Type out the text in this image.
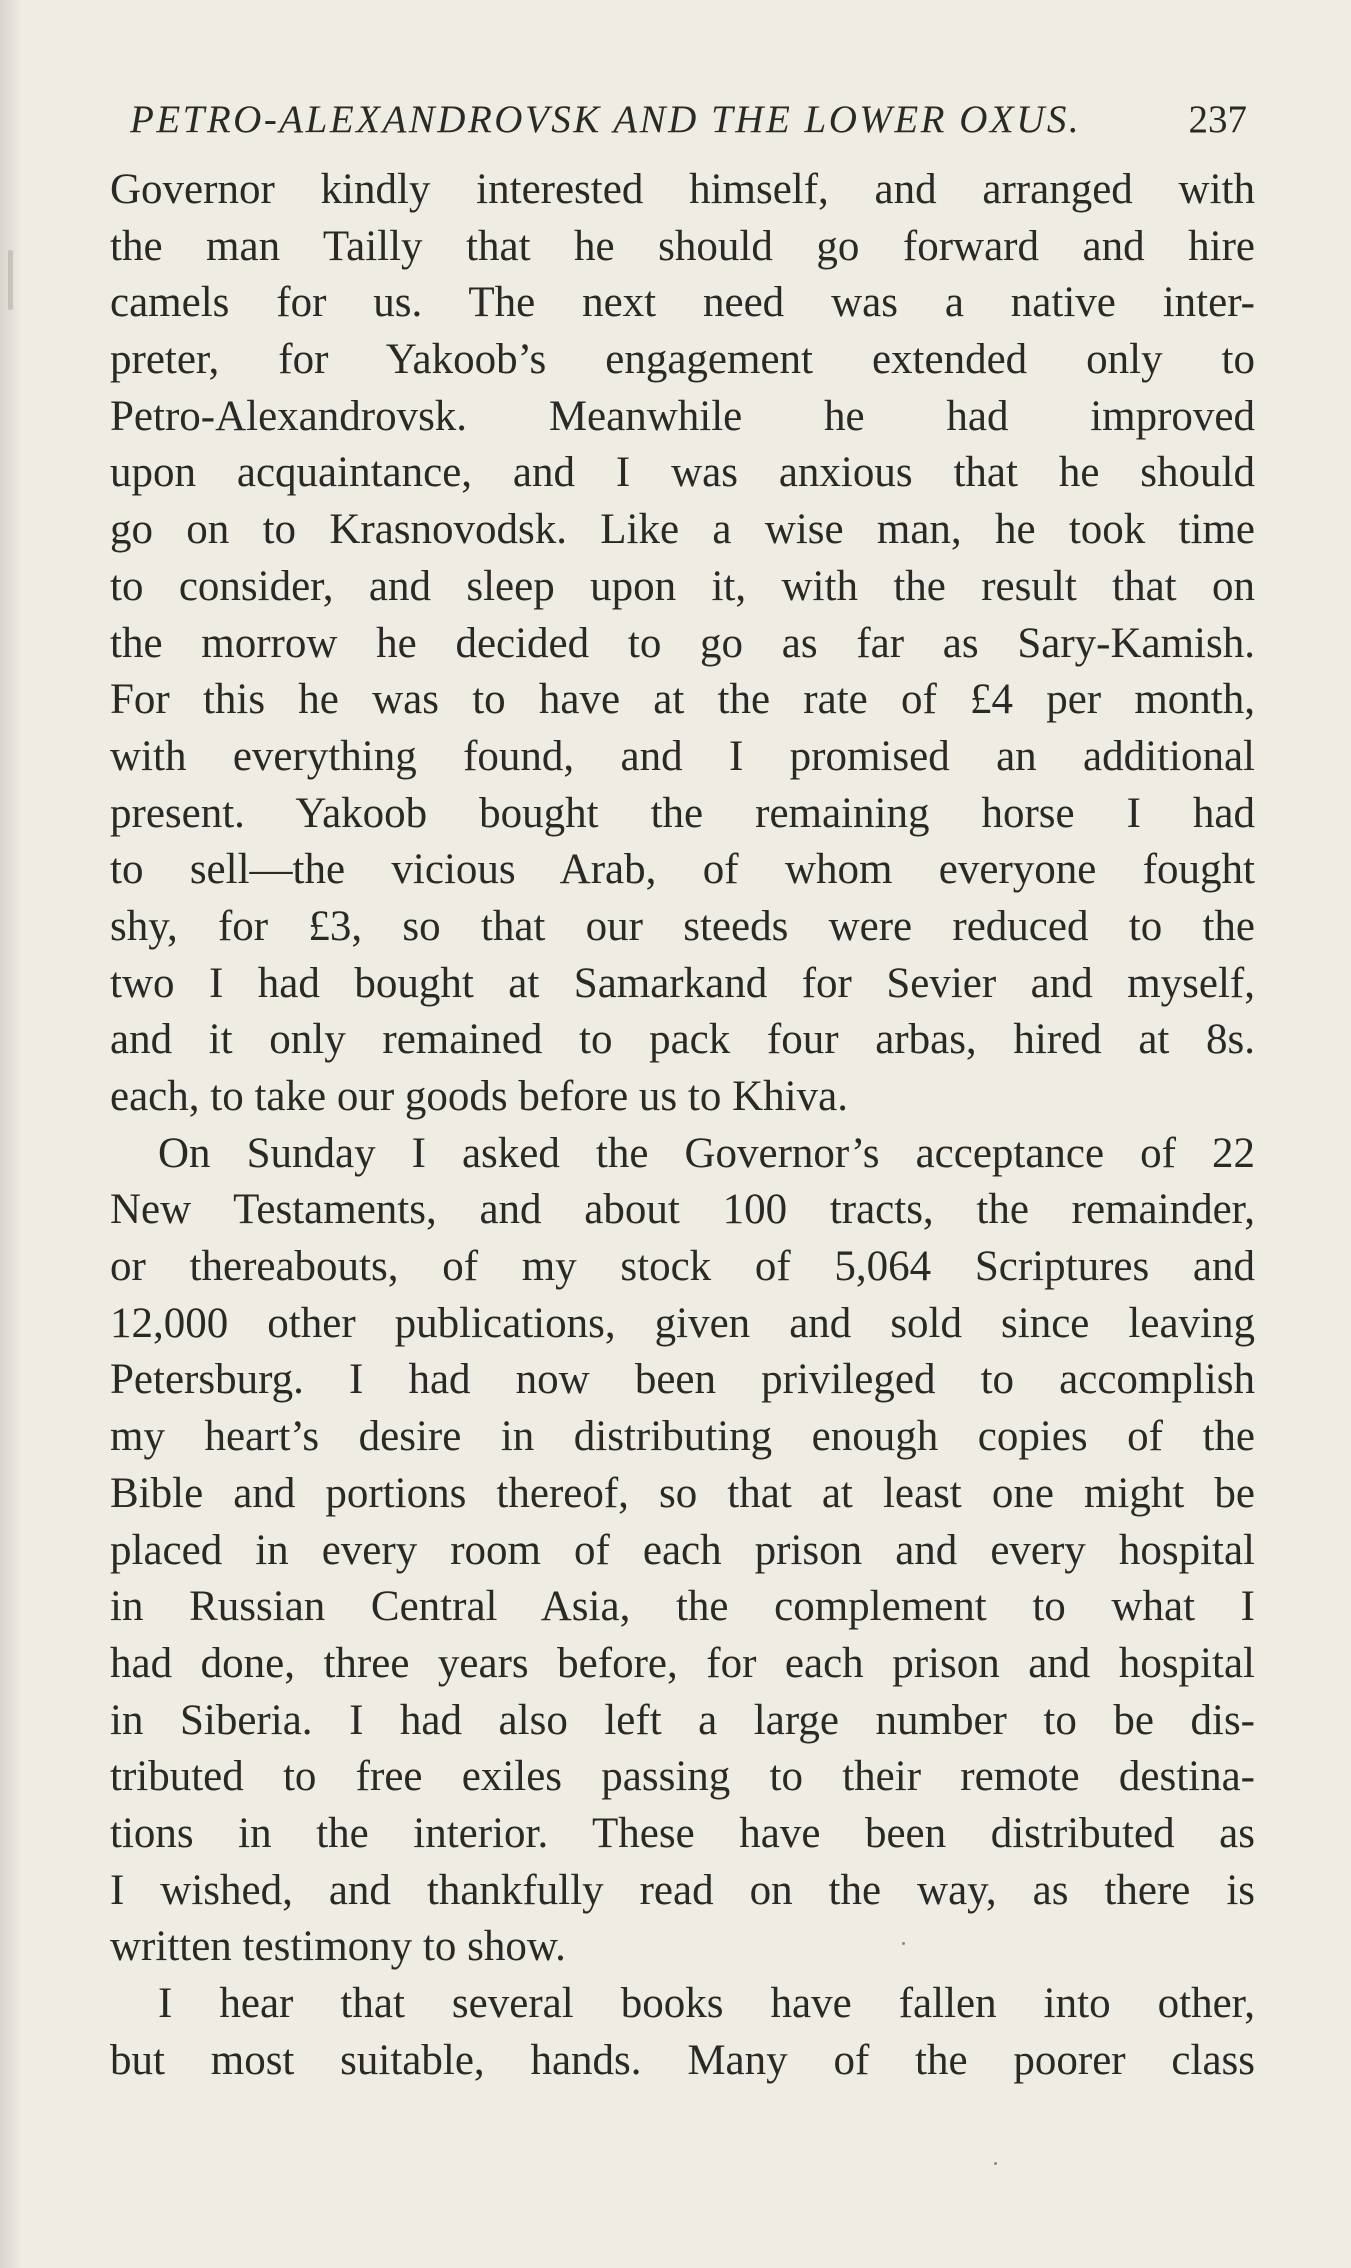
PETRO-ALEXANDROVSK AND THE LOWER OXUS.	237
Governor kindly interested himself, and arranged with
the man Tailly that he should go forward and hire
camels for us. The next need was a native inter-
preter, for Yakoob’s engagement extended only to
Petro-Alexandrovsk. Meanwhile he had improved
upon acquaintance, and I was anxious that he should
go on to Krasnovodsk. Like a wise man, he took time
to consider, and sleep upon it, with the result that on
the morrow he decided to go as far as Sary-Kamish.
For this he was to have at the rate of £4 per month,
with everything found, and I promised an additional
present. Yakoob bought the remaining horse I had
to sell—the vicious Arab, of whom everyone fought
shy, for £3, so that our steeds were reduced to the
two I had bought at Samarkand for Sevier and myself,
and it only remained to pack four arbas, hired at 8s.
each, to take our goods before us to Khiva.
On Sunday I asked the Governor’s acceptance of 22
New Testaments, and about 100 tracts, the remainder,
or thereabouts, of my stock of 5,064 Scriptures and
12,000 other publications, given and sold since leaving
Petersburg. I had now been privileged to accomplish
my heart’s desire in distributing enough copies of the
Bible and portions thereof, so that at least one might be
placed in every room of each prison and every hospital
in Russian Central Asia, the complement to what I
had done, three years before, for each prison and hospital
in Siberia. I had also left a large number to be dis-
tributed to free exiles passing to their remote destina-
tions in the interior. These have been distributed as
I wished, and thankfully read on the way, as there is
written testimony to show.
I hear that several books have fallen into other,
but most suitable, hands. Many of the poorer class
